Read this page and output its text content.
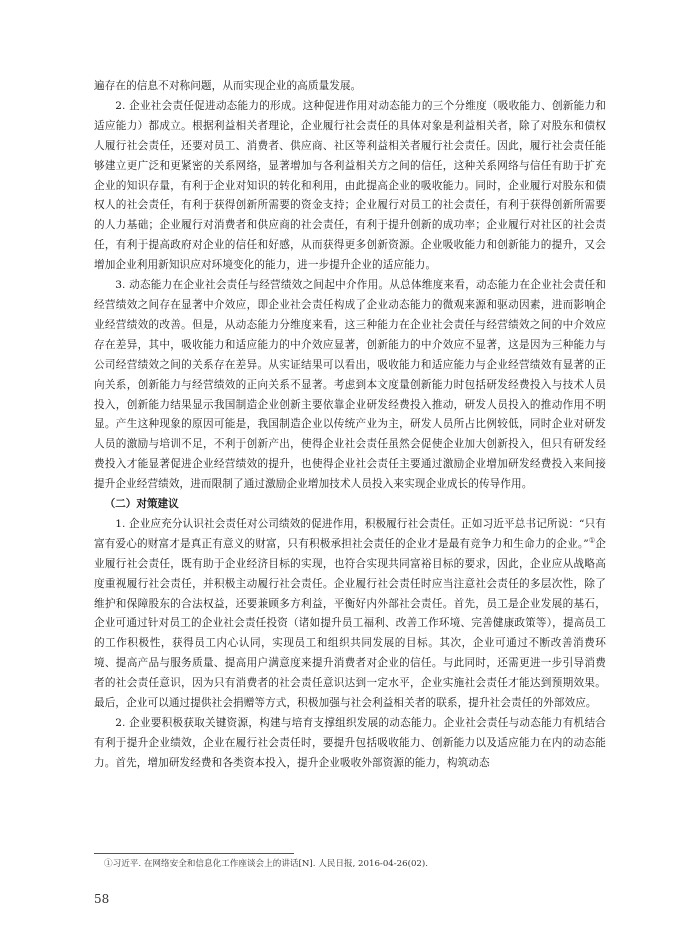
遍存在的信息不对称问题，从而实现企业的高质量发展。

2. 企业社会责任促进动态能力的形成。这种促进作用对动态能力的三个分维度（吸收能力、创新能力和适应能力）都成立。根据利益相关者理论，企业履行社会责任的具体对象是利益相关者，除了对股东和债权人履行社会责任，还要对员工、消费者、供应商、社区等利益相关者履行社会责任。因此，履行社会责任能够建立更广泛和更紧密的关系网络，显著增加与各利益相关方之间的信任，这种关系网络与信任有助于扩充企业的知识存量，有利于企业对知识的转化和利用，由此提高企业的吸收能力。同时，企业履行对股东和债权人的社会责任，有利于获得创新所需要的资金支持；企业履行对员工的社会责任，有利于获得创新所需要的人力基础；企业履行对消费者和供应商的社会责任，有利于提升创新的成功率；企业履行对社区的社会责任，有利于提高政府对企业的信任和好感，从而获得更多创新资源。企业吸收能力和创新能力的提升，又会增加企业利用新知识应对环境变化的能力，进一步提升企业的适应能力。

3. 动态能力在企业社会责任与经营绩效之间起中介作用。从总体维度来看，动态能力在企业社会责任和经营绩效之间存在显著中介效应，即企业社会责任构成了企业动态能力的微观来源和驱动因素，进而影响企业经营绩效的改善。但是，从动态能力分维度来看，这三种能力在企业社会责任与经营绩效之间的中介效应存在差异，其中，吸收能力和适应能力的中介效应显著，创新能力的中介效应不显著，这是因为三种能力与公司经营绩效之间的关系存在差异。从实证结果可以看出，吸收能力和适应能力与企业经营绩效有显著的正向关系，创新能力与经营绩效的正向关系不显著。考虑到本文度量创新能力时包括研发经费投入与技术人员投入，创新能力结果显示我国制造企业创新主要依靠企业研发经费投入推动，研发人员投入的推动作用不明显。产生这种现象的原因可能是，我国制造企业以传统产业为主，研发人员所占比例较低，同时企业对研发人员的激励与培训不足，不利于创新产出，使得企业社会责任虽然会促使企业加大创新投入，但只有研发经费投入才能显著促进企业经营绩效的提升，也使得企业社会责任主要通过激励企业增加研发经费投入来间接提升企业经营绩效，进而限制了通过激励企业增加技术人员投入来实现企业成长的传导作用。

（二）对策建议

1. 企业应充分认识社会责任对公司绩效的促进作用，积极履行社会责任。正如习近平总书记所说：“只有富有爱心的财富才是真正有意义的财富，只有积极承担社会责任的企业才是最有竞争力和生命力的企业。”①企业履行社会责任，既有助于企业经济目标的实现，也符合实现共同富裕目标的要求，因此，企业应从战略高度重视履行社会责任，并积极主动履行社会责任。企业履行社会责任时应当注意社会责任的多层次性，除了维护和保障股东的合法权益，还要兼顾多方利益，平衡好内外部社会责任。首先，员工是企业发展的基石，企业可通过针对员工的企业社会责任投资（诸如提升员工福利、改善工作环境、完善健康政策等），提高员工的工作积极性，获得员工内心认同，实现员工和组织共同发展的目标。其次，企业可通过不断改善消费环境、提高产品与服务质量、提高用户满意度来提升消费者对企业的信任。与此同时，还需更进一步引导消费者的社会责任意识，因为只有消费者的社会责任意识达到一定水平，企业实施社会责任才能达到预期效果。最后，企业可以通过提供社会捐赠等方式，积极加强与社会利益相关者的联系，提升社会责任的外部效应。

2. 企业要积极获取关键资源，构建与培育支撑组织发展的动态能力。企业社会责任与动态能力有机结合有利于提升企业绩效，企业在履行社会责任时，要提升包括吸收能力、创新能力以及适应能力在内的动态能力。首先，增加研发经费和各类资本投入，提升企业吸收外部资源的能力，构筑动态

①习近平. 在网络安全和信息化工作座谈会上的讲话[N]. 人民日报, 2016-04-26(02).

58
